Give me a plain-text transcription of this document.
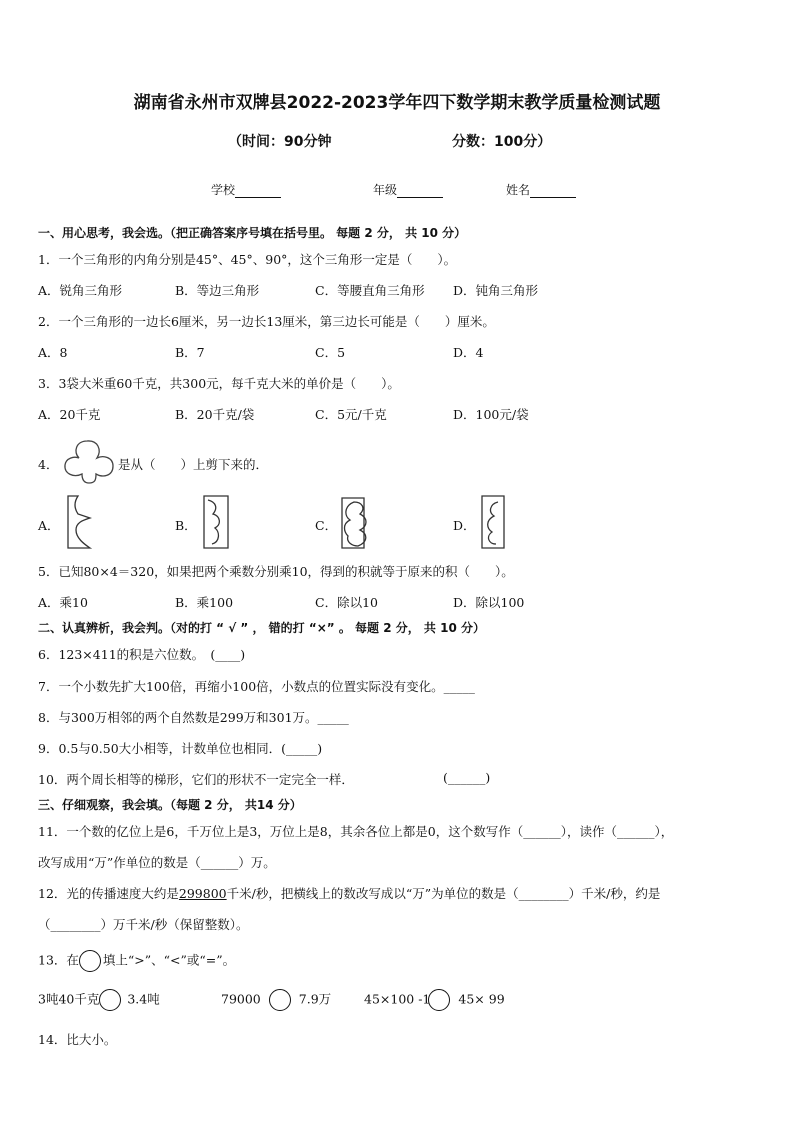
湖南省永州市双牌县2022-2023学年四下数学期末教学质量检测试题
（时间：90分钟	分数：100分）
学校	年级	姓名
一、用心思考，我会选。（把正确答案序号填在括号里。 每题 2 分， 共 10 分）
1．一个三角形的内角分别是45°、45°、90°，这个三角形一定是（　　）。
A．锐角三角形	B．等边三角形	C．等腰直角三角形 D．钝角三角形
2．一个三角形的一边长6厘米，另一边长13厘米，第三边长可能是（　　）厘米。
A．8	B．7	C．5	D．4
3．3袋大米重60千克，共300元，每千克大米的单价是（　　）。
A．20千克	B．20千克/袋	C．5元/千克	D．100元/袋
4．	是从（　　）上剪下来的．
A．	B．	C．	D．
5．已知80×4＝320，如果把两个乘数分别乘10，得到的积就等于原来的积（　　）。
A．乘10	B．乘100	C．除以10	D．除以100
二、认真辨析，我会判。（对的打 “ √ ” ， 错的打 “×” 。 每题 2 分， 共 10 分）
6．123×411的积是六位数。　(____)
7．一个小数先扩大100倍，再缩小100倍，小数点的位置实际没有变化。_____
8．与300万相邻的两个自然数是299万和301万。_____
9．0.5与0.50大小相等，计数单位也相同．(_____)
10．两个周长相等的梯形，它们的形状不一定完全一样．	(______)
三、仔细观察，我会填。（每题 2 分， 共14 分）
11．一个数的亿位上是6，千万位上是3，万位上是8，其余各位上都是0，这个数写作（______），读作（______），
改写成用“万”作单位的数是（______）万。
12．光的传播速度大约是299800千米/秒，把横线上的数改写成以“万”为单位的数是（________）千米/秒，约是
（________）万千米/秒（保留整数）。
13．在 填上“>”、“<”或“=”。
3吨40千克 3.4吨	79000	7.9万	45×100 -1 45× 99
14．比大小。
